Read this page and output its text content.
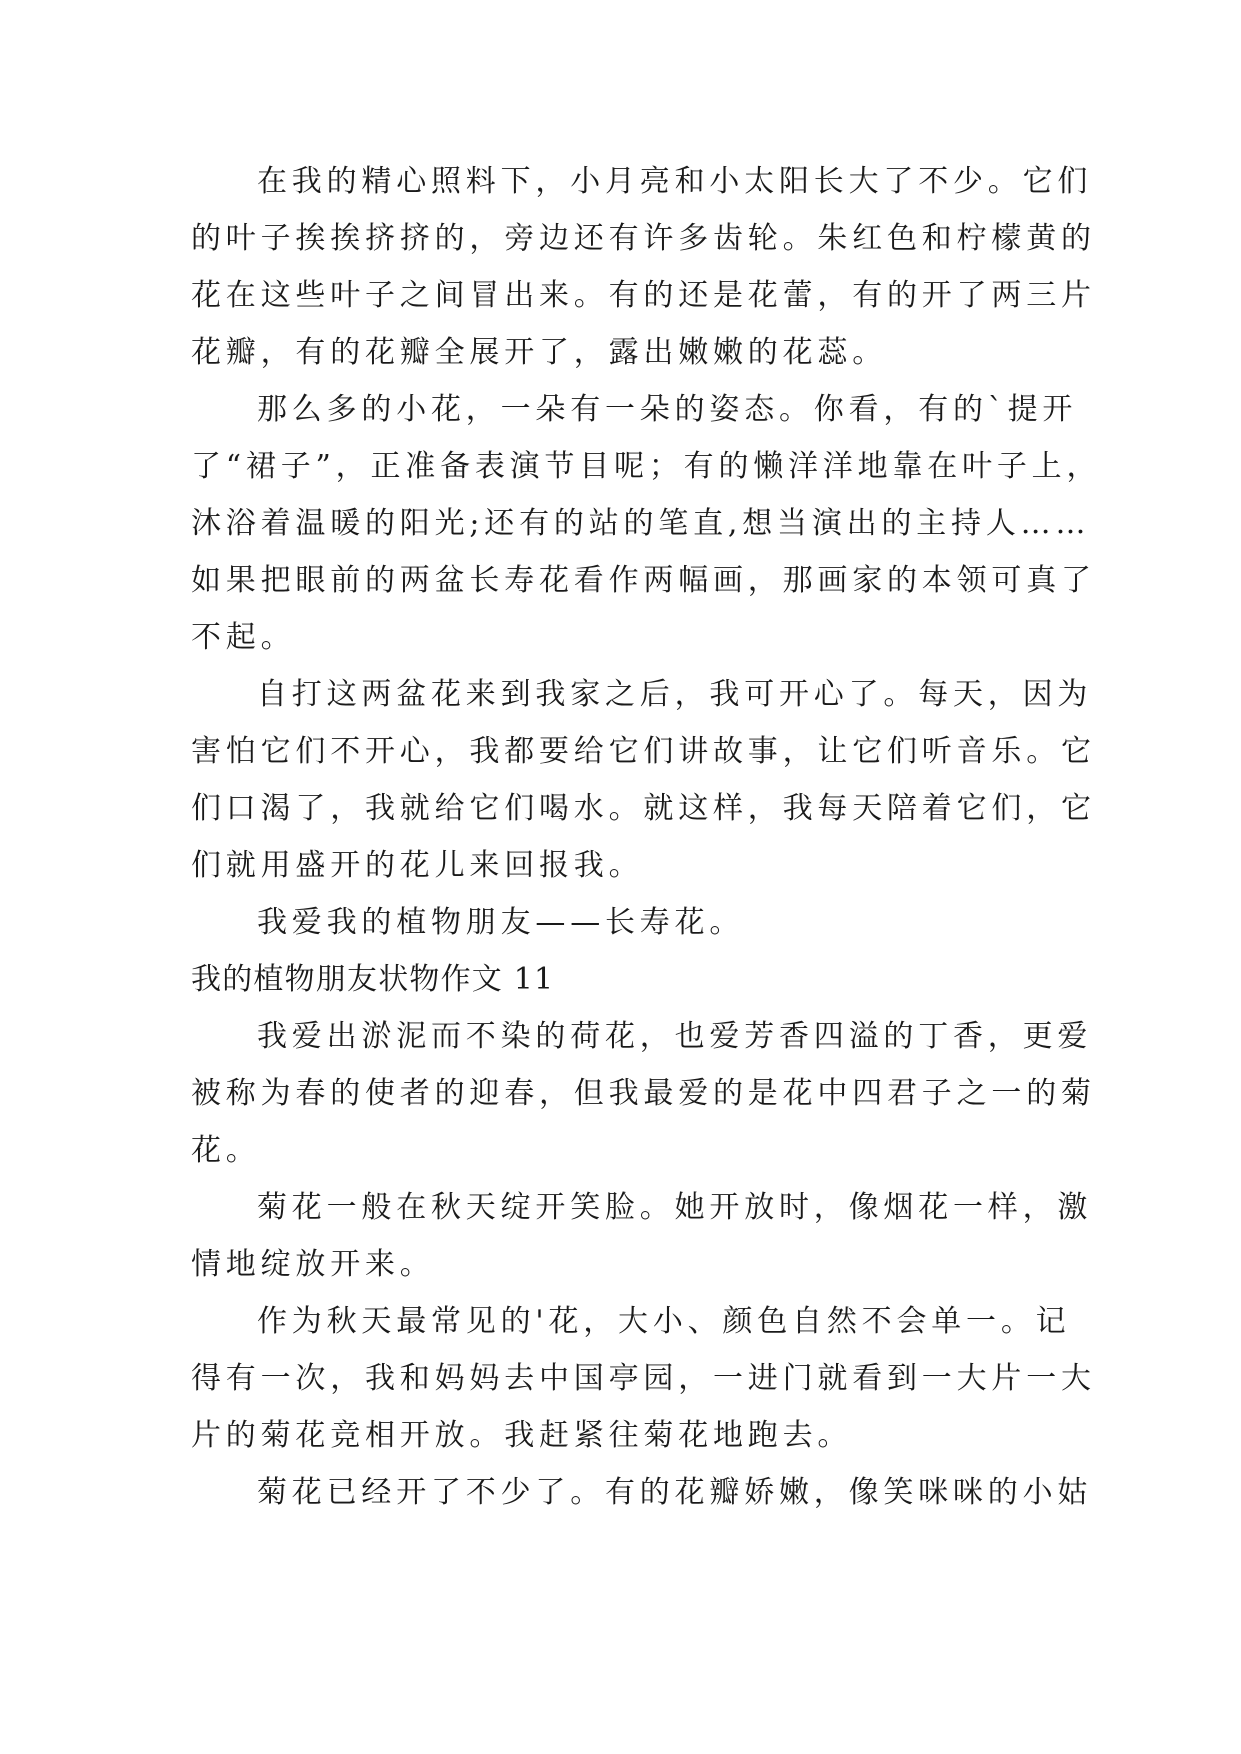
在我的精心照料下，小月亮和小太阳长大了不少。它们
的叶子挨挨挤挤的，旁边还有许多齿轮。朱红色和柠檬黄的
花在这些叶子之间冒出来。有的还是花蕾，有的开了两三片
花瓣，有的花瓣全展开了，露出嫩嫩的花蕊。
那么多的小花，一朵有一朵的姿态。你看，有的`提开
了“裙子”，正准备表演节目呢；有的懒洋洋地靠在叶子上，
沐浴着温暖的阳光;还有的站的笔直,想当演出的主持人……
如果把眼前的两盆长寿花看作两幅画，那画家的本领可真了
不起。
自打这两盆花来到我家之后，我可开心了。每天，因为
害怕它们不开心，我都要给它们讲故事，让它们听音乐。它
们口渴了，我就给它们喝水。就这样，我每天陪着它们，它
们就用盛开的花儿来回报我。
我爱我的植物朋友——长寿花。
我的植物朋友状物作文 11
我爱出淤泥而不染的荷花，也爱芳香四溢的丁香，更爱
被称为春的使者的迎春，但我最爱的是花中四君子之一的菊
花。
菊花一般在秋天绽开笑脸。她开放时，像烟花一样，激
情地绽放开来。
作为秋天最常见的'花，大小、颜色自然不会单一。记
得有一次，我和妈妈去中国亭园，一进门就看到一大片一大
片的菊花竞相开放。我赶紧往菊花地跑去。
菊花已经开了不少了。有的花瓣娇嫩，像笑咪咪的小姑
